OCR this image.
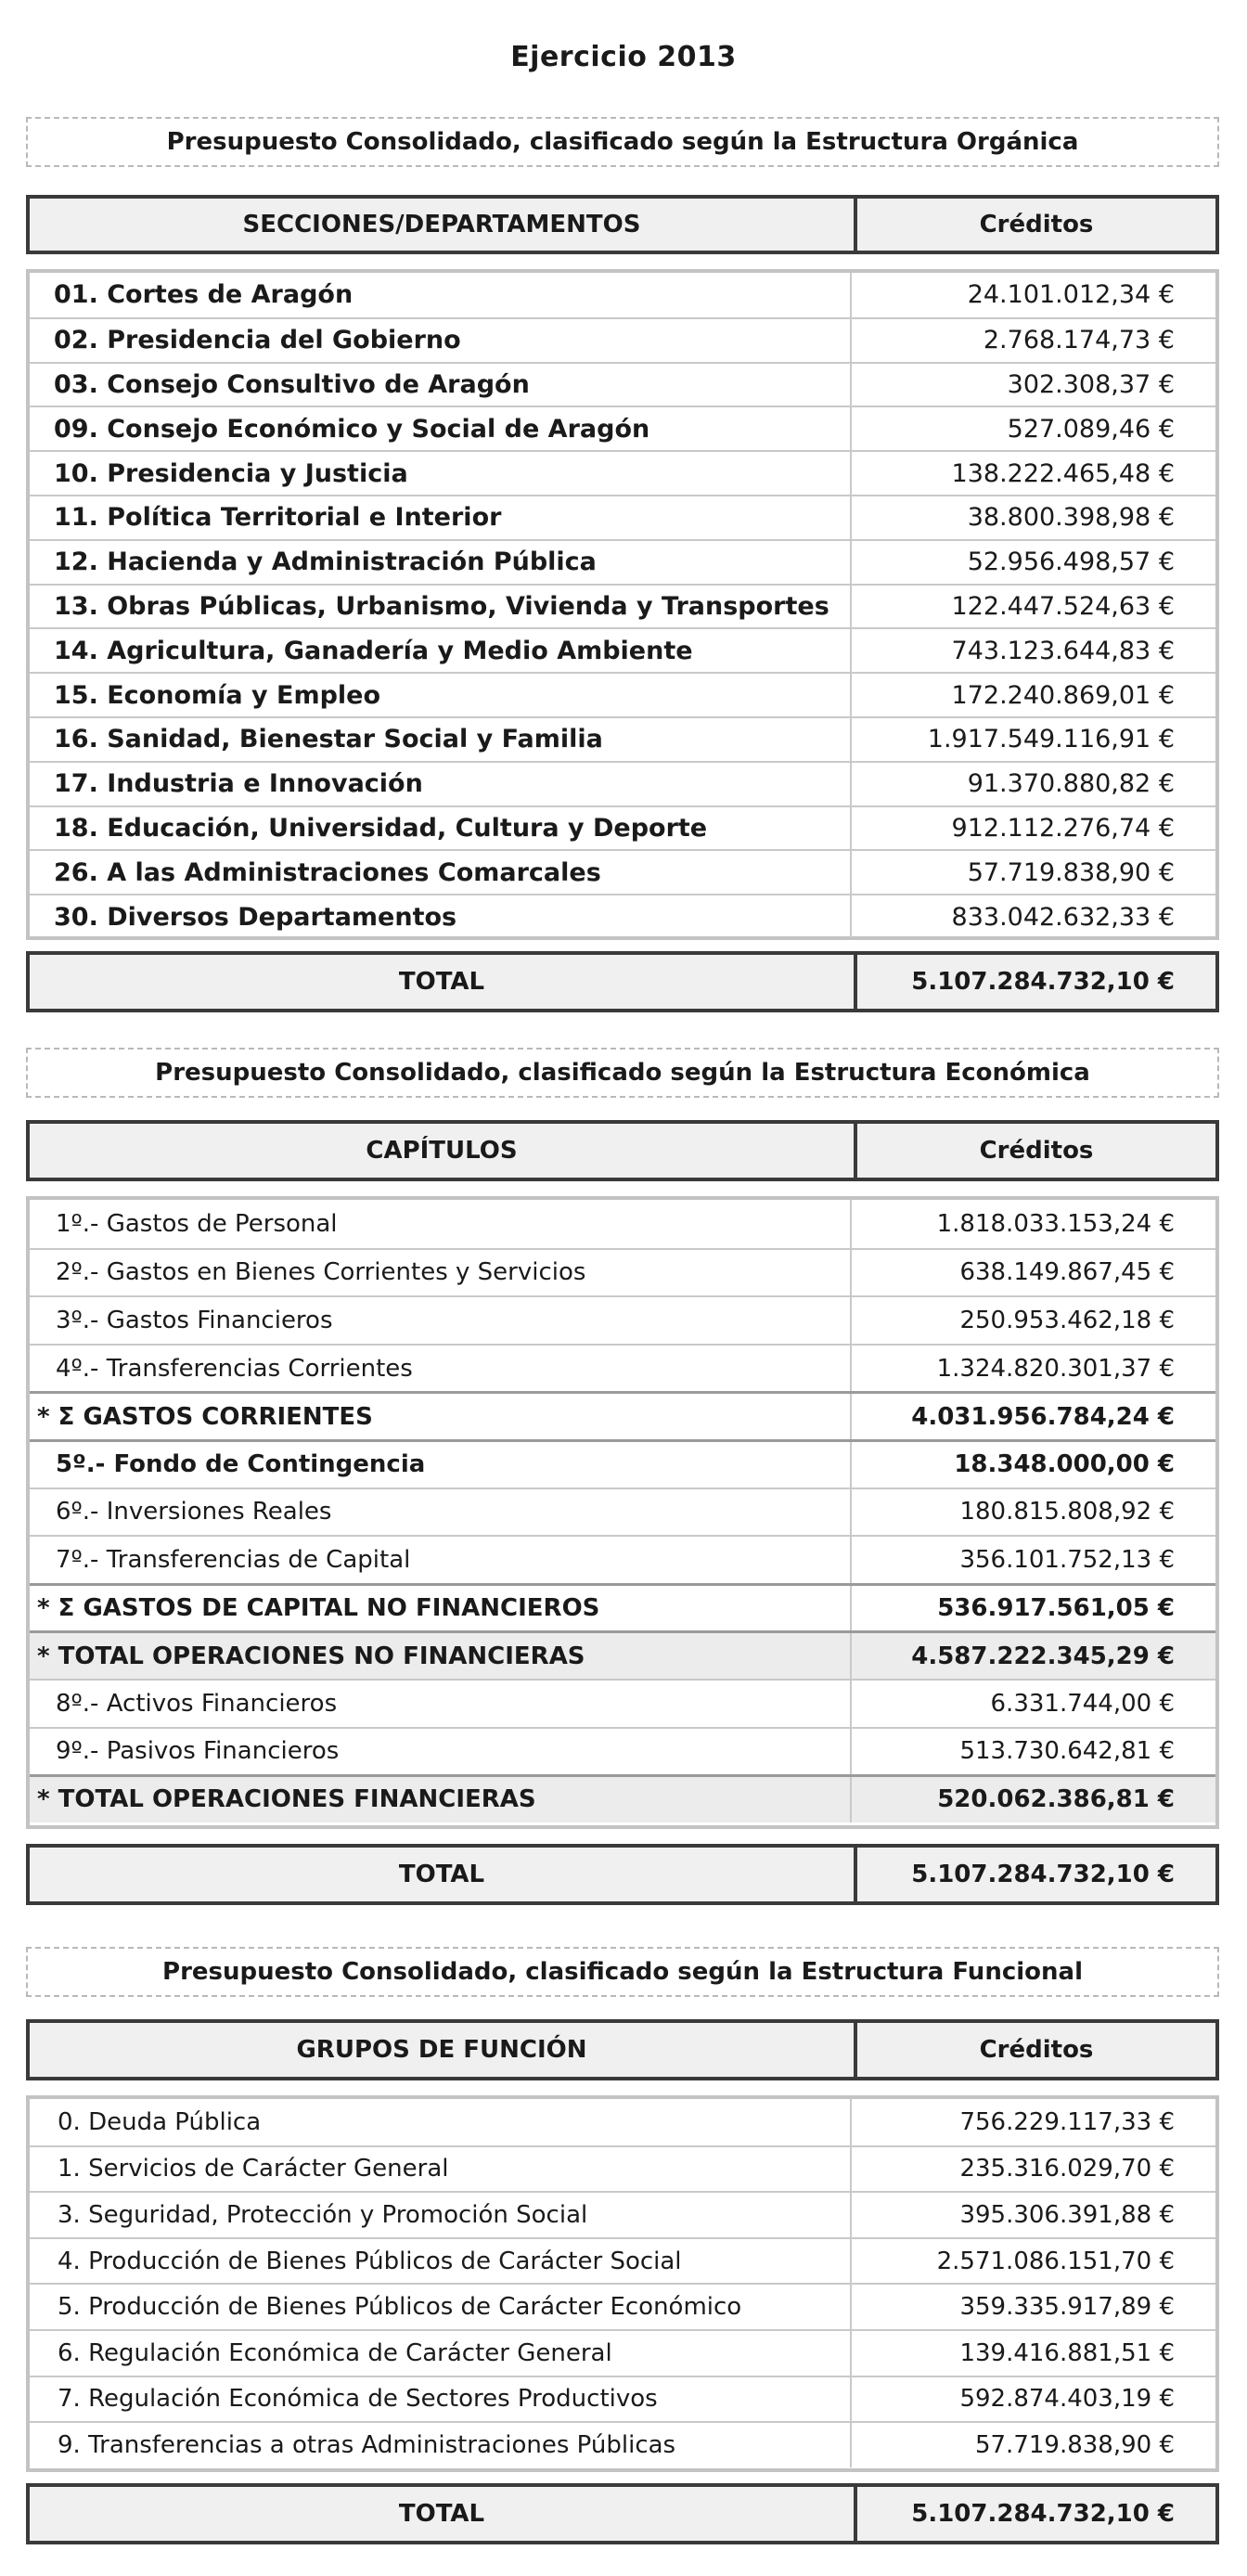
Ejercicio 2013
Presupuesto Consolidado, clasificado según la Estructura Orgánica
SECCIONES/DEPARTAMENTOS	Créditos
01. Cortes de Aragón	24.101.012,34 €
02. Presidencia del Gobierno	2.768.174,73 €
03. Consejo Consultivo de Aragón	302.308,37 €
09. Consejo Económico y Social de Aragón	527.089,46 €
10. Presidencia y Justicia	138.222.465,48 €
11. Política Territorial e Interior	38.800.398,98 €
12. Hacienda y Administración Pública	52.956.498,57 €
13. Obras Públicas, Urbanismo, Vivienda y Transportes	122.447.524,63 €
14. Agricultura, Ganadería y Medio Ambiente	743.123.644,83 €
15. Economía y Empleo	172.240.869,01 €
16. Sanidad, Bienestar Social y Familia	1.917.549.116,91 €
17. Industria e Innovación	91.370.880,82 €
18. Educación, Universidad, Cultura y Deporte	912.112.276,74 €
26. A las Administraciones Comarcales	57.719.838,90 €
30. Diversos Departamentos	833.042.632,33 €
TOTAL	5.107.284.732,10 €
Presupuesto Consolidado, clasificado según la Estructura Económica
CAPÍTULOS	Créditos
1º.- Gastos de Personal	1.818.033.153,24 €
2º.- Gastos en Bienes Corrientes y Servicios	638.149.867,45 €
3º.- Gastos Financieros	250.953.462,18 €
4º.- Transferencias Corrientes	1.324.820.301,37 €
* Σ GASTOS CORRIENTES	4.031.956.784,24 €
5º.- Fondo de Contingencia	18.348.000,00 €
6º.- Inversiones Reales	180.815.808,92 €
7º.- Transferencias de Capital	356.101.752,13 €
* Σ GASTOS DE CAPITAL NO FINANCIEROS	536.917.561,05 €
* TOTAL OPERACIONES NO FINANCIERAS	4.587.222.345,29 €
8º.- Activos Financieros	6.331.744,00 €
9º.- Pasivos Financieros	513.730.642,81 €
* TOTAL OPERACIONES FINANCIERAS	520.062.386,81 €
TOTAL	5.107.284.732,10 €
Presupuesto Consolidado, clasificado según la Estructura Funcional
GRUPOS DE FUNCIÓN	Créditos
0. Deuda Pública	756.229.117,33 €
1. Servicios de Carácter General	235.316.029,70 €
3. Seguridad, Protección y Promoción Social	395.306.391,88 €
4. Producción de Bienes Públicos de Carácter Social	2.571.086.151,70 €
5. Producción de Bienes Públicos de Carácter Económico	359.335.917,89 €
6. Regulación Económica de Carácter General	139.416.881,51 €
7. Regulación Económica de Sectores Productivos	592.874.403,19 €
9. Transferencias a otras Administraciones Públicas	57.719.838,90 €
TOTAL	5.107.284.732,10 €
